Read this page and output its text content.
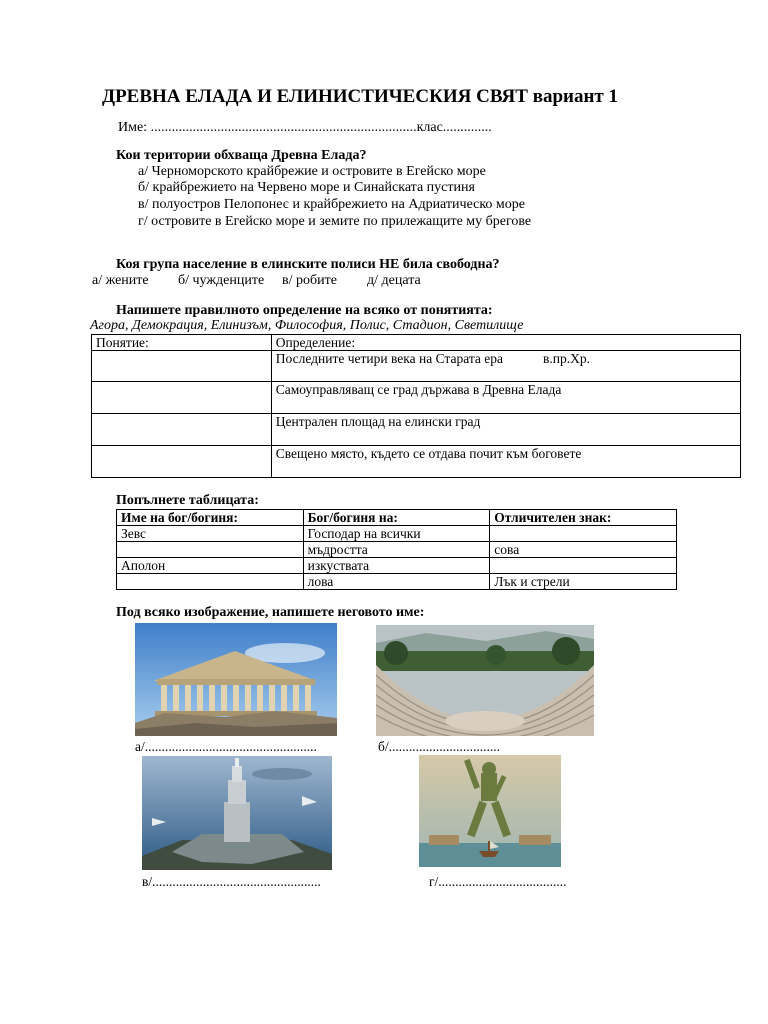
ДРЕВНА ЕЛАДА И ЕЛИНИСТИЧЕСКИЯ СВЯТ вариант 1
Име: ............................................................................клас..............
Кои територии обхваща Древна Елада?
а/ Черноморското крайбрежие и островите в Егейско море
б/ крайбрежието на Червено море и Синайската пустиня
в/ полуостров Пелопонес и крайбрежието на Адриатическо море
г/ островите в Егейско море и земите по прилежащите му брегове
Коя група население в елинските полиси НЕ била свободна?
а/ жените б/ чужденците в/ робите д/ децата
Напишете правилното определение на всяко от понятията:
Агора, Демокрация, Елинизъм, Философия, Полис, Стадион, Светилище
Понятие:	Определение:
	Последните четири века на Старата ера в.пр.Хр.
	Самоуправляващ се град държава в Древна Елада
	Централен площад на елински град
	Свещено място, където се отдава почит към боговете
Попълнете таблицата:
Име на бог/богиня:	Бог/богиня на:	Отличителен знак:
Зевс	Господар на всички	
	мъдростта	сова
Аполон	изкуствата	
	лова	Лък и стрели
Под всяко изображение, напишете неговото име:
а/...................................................	б/.................................
в/..................................................	г/......................................
